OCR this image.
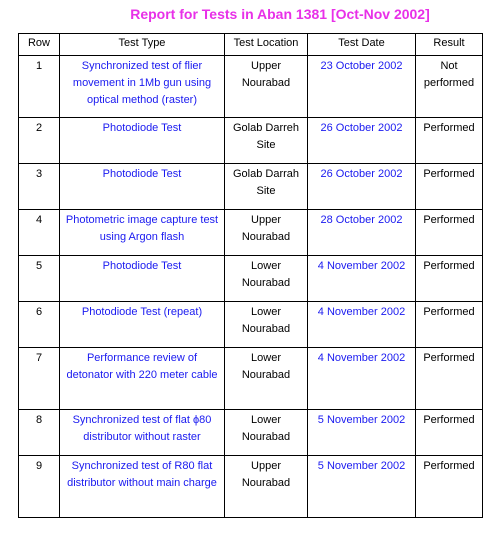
Report for Tests in Aban 1381 [Oct-Nov 2002]
Row	Test Type	Test Location	Test Date	Result
1	Synchronized test of flier movement in 1Mb gun using optical method (raster)	Upper Nourabad	23 October 2002	Not performed
2	Photodiode Test	Golab Darreh Site	26 October 2002	Performed
3	Photodiode Test	Golab Darrah Site	26 October 2002	Performed
4	Photometric image capture test using Argon flash	Upper Nourabad	28 October 2002	Performed
5	Photodiode Test	Lower Nourabad	4 November 2002	Performed
6	Photodiode Test (repeat)	Lower Nourabad	4 November 2002	Performed
7	Performance review of detonator with 220 meter cable	Lower Nourabad	4 November 2002	Performed
8	Synchronized test of flat ϕ80 distributor without raster	Lower Nourabad	5 November 2002	Performed
9	Synchronized test of R80 flat distributor without main charge	Upper Nourabad	5 November 2002	Performed
